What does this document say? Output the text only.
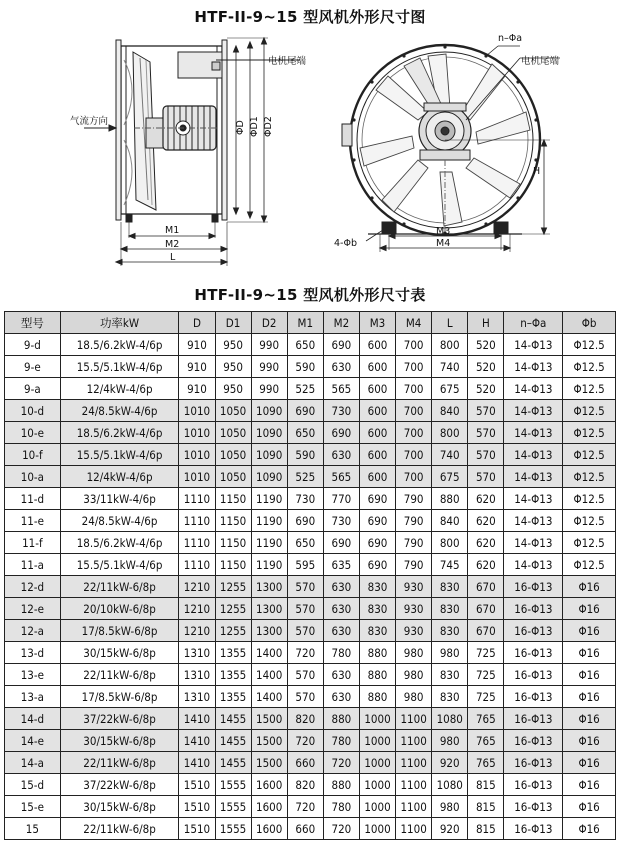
HTF-II-9~15 型风机外形尺寸图
气流方向
电机尾端
ΦD ΦD1 ΦD2
M1
M2
L
n–Φa
电机尾端
H
M3
M4
4-Φb
HTF-II-9~15 型风机外形尺寸表
型号	功率kW	D	D1	D2	M1	M2	M3	M4	L	H	n–Φa	Φb
9-d	18.5/6.2kW-4/6p	910	950	990	650	690	600	700	800	520	14-Φ13	Φ12.5
9-e	15.5/5.1kW-4/6p	910	950	990	590	630	600	700	740	520	14-Φ13	Φ12.5
9-a	12/4kW-4/6p	910	950	990	525	565	600	700	675	520	14-Φ13	Φ12.5
10-d	24/8.5kW-4/6p	1010	1050	1090	690	730	600	700	840	570	14-Φ13	Φ12.5
10-e	18.5/6.2kW-4/6p	1010	1050	1090	650	690	600	700	800	570	14-Φ13	Φ12.5
10-f	15.5/5.1kW-4/6p	1010	1050	1090	590	630	600	700	740	570	14-Φ13	Φ12.5
10-a	12/4kW-4/6p	1010	1050	1090	525	565	600	700	675	570	14-Φ13	Φ12.5
11-d	33/11kW-4/6p	1110	1150	1190	730	770	690	790	880	620	14-Φ13	Φ12.5
11-e	24/8.5kW-4/6p	1110	1150	1190	690	730	690	790	840	620	14-Φ13	Φ12.5
11-f	18.5/6.2kW-4/6p	1110	1150	1190	650	690	690	790	800	620	14-Φ13	Φ12.5
11-a	15.5/5.1kW-4/6p	1110	1150	1190	595	635	690	790	745	620	14-Φ13	Φ12.5
12-d	22/11kW-6/8p	1210	1255	1300	570	630	830	930	830	670	16-Φ13	Φ16
12-e	20/10kW-6/8p	1210	1255	1300	570	630	830	930	830	670	16-Φ13	Φ16
12-a	17/8.5kW-6/8p	1210	1255	1300	570	630	830	930	830	670	16-Φ13	Φ16
13-d	30/15kW-6/8p	1310	1355	1400	720	780	880	980	980	725	16-Φ13	Φ16
13-e	22/11kW-6/8p	1310	1355	1400	570	630	880	980	830	725	16-Φ13	Φ16
13-a	17/8.5kW-6/8p	1310	1355	1400	570	630	880	980	830	725	16-Φ13	Φ16
14-d	37/22kW-6/8p	1410	1455	1500	820	880	1000	1100	1080	765	16-Φ13	Φ16
14-e	30/15kW-6/8p	1410	1455	1500	720	780	1000	1100	980	765	16-Φ13	Φ16
14-a	22/11kW-6/8p	1410	1455	1500	660	720	1000	1100	920	765	16-Φ13	Φ16
15-d	37/22kW-6/8p	1510	1555	1600	820	880	1000	1100	1080	815	16-Φ13	Φ16
15-e	30/15kW-6/8p	1510	1555	1600	720	780	1000	1100	980	815	16-Φ13	Φ16
15	22/11kW-6/8p	1510	1555	1600	660	720	1000	1100	920	815	16-Φ13	Φ16
